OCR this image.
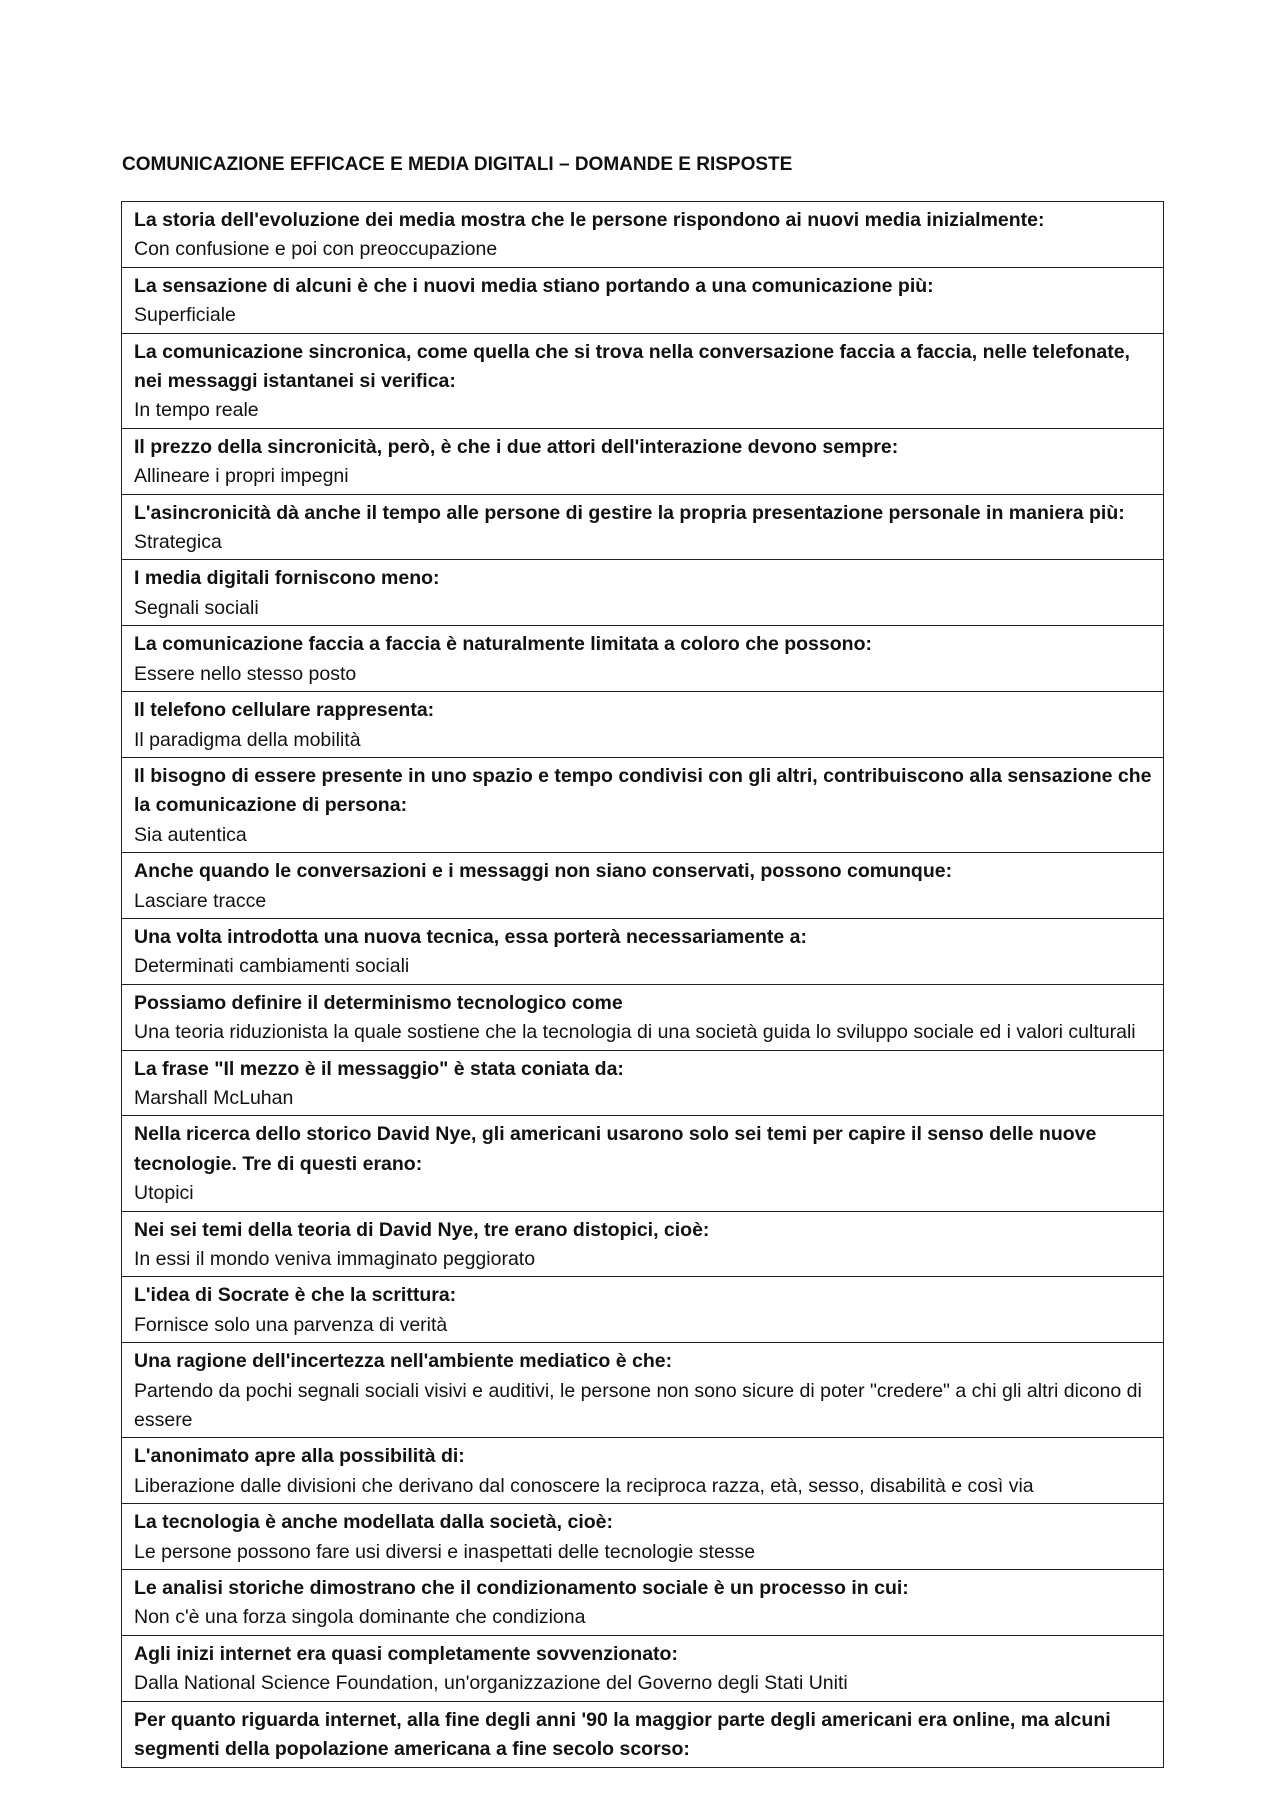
COMUNICAZIONE EFFICACE E MEDIA DIGITALI – DOMANDE E RISPOSTE
La storia dell'evoluzione dei media mostra che le persone rispondono ai nuovi media inizialmente:
Con confusione e poi con preoccupazione
La sensazione di alcuni è che i nuovi media stiano portando a una comunicazione più:
Superficiale
La comunicazione sincronica, come quella che si trova nella conversazione faccia a faccia, nelle telefonate, nei messaggi istantanei si verifica:
In tempo reale
Il prezzo della sincronicità, però, è che i due attori dell'interazione devono sempre:
Allineare i propri impegni
L'asincronicità dà anche il tempo alle persone di gestire la propria presentazione personale in maniera più:
Strategica
I media digitali forniscono meno:
Segnali sociali
La comunicazione faccia a faccia è naturalmente limitata a coloro che possono:
Essere nello stesso posto
Il telefono cellulare rappresenta:
Il paradigma della mobilità
Il bisogno di essere presente in uno spazio e tempo condivisi con gli altri, contribuiscono alla sensazione che la comunicazione di persona:
Sia autentica
Anche quando le conversazioni e i messaggi non siano conservati, possono comunque:
Lasciare tracce
Una volta introdotta una nuova tecnica, essa porterà necessariamente a:
Determinati cambiamenti sociali
Possiamo definire il determinismo tecnologico come
Una teoria riduzionista la quale sostiene che la tecnologia di una società guida lo sviluppo sociale ed i valori culturali
La frase "Il mezzo è il messaggio" è stata coniata da:
Marshall McLuhan
Nella ricerca dello storico David Nye, gli americani usarono solo sei temi per capire il senso delle nuove tecnologie. Tre di questi erano:
Utopici
Nei sei temi della teoria di David Nye, tre erano distopici, cioè:
In essi il mondo veniva immaginato peggiorato
L'idea di Socrate è che la scrittura:
Fornisce solo una parvenza di verità
Una ragione dell'incertezza nell'ambiente mediatico è che:
Partendo da pochi segnali sociali visivi e auditivi, le persone non sono sicure di poter "credere" a chi gli altri dicono di essere
L'anonimato apre alla possibilità di:
Liberazione dalle divisioni che derivano dal conoscere la reciproca razza, età, sesso, disabilità e così via
La tecnologia è anche modellata dalla società, cioè:
Le persone possono fare usi diversi e inaspettati delle tecnologie stesse
Le analisi storiche dimostrano che il condizionamento sociale è un processo in cui:
Non c'è una forza singola dominante che condiziona
Agli inizi internet era quasi completamente sovvenzionato:
Dalla National Science Foundation, un'organizzazione del Governo degli Stati Uniti
Per quanto riguarda internet, alla fine degli anni '90 la maggior parte degli americani era online, ma alcuni segmenti della popolazione americana a fine secolo scorso:
